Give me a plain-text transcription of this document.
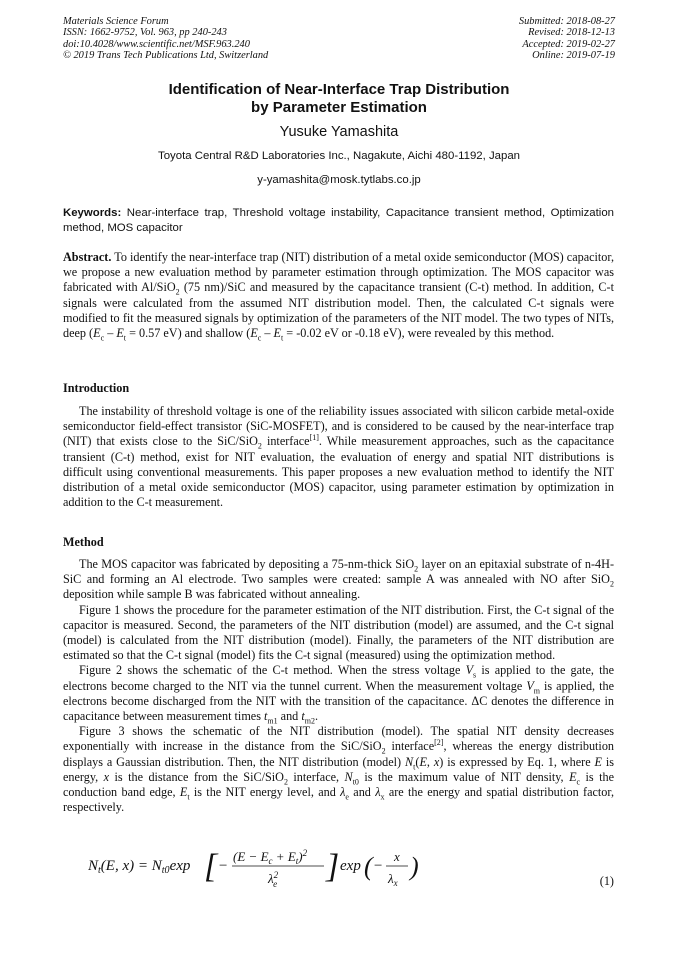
Materials Science Forum
ISSN: 1662-9752, Vol. 963, pp 240-243
doi:10.4028/www.scientific.net/MSF.963.240
© 2019 Trans Tech Publications Ltd, Switzerland
Submitted: 2018-08-27
Revised: 2018-12-13
Accepted: 2019-02-27
Online: 2019-07-19
Identification of Near-Interface Trap Distribution
by Parameter Estimation
Yusuke Yamashita
Toyota Central R&D Laboratories Inc., Nagakute, Aichi 480-1192, Japan
y-yamashita@mosk.tytlabs.co.jp
Keywords: Near-interface trap, Threshold voltage instability, Capacitance transient method, Optimization method, MOS capacitor

Abstract. To identify the near-interface trap (NIT) distribution of a metal oxide semiconductor (MOS) capacitor, we propose a new evaluation method by parameter estimation through optimization. The MOS capacitor was fabricated with Al/SiO$_2$ (75 nm)/SiC and measured by the capacitance transient (C-t) method. In addition, C-t signals were calculated from the assumed NIT distribution model. Then, the calculated C-t signals were modified to fit the measured signals by optimization of the parameters of the NIT model. The two types of NITs, deep ($E_c - E_t = 0.57$ eV) and shallow ($E_c - E_t = -0.02$ eV or -0.18 eV), were revealed by this method.

Introduction

The instability of threshold voltage is one of the reliability issues associated with silicon carbide metal-oxide semiconductor field-effect transistor (SiC-MOSFET), and is considered to be caused by the near-interface trap (NIT) that exists close to the SiC/SiO$_2$ interface[1]. While measurement approaches, such as the capacitance transient (C-t) method, exist for NIT evaluation, the evaluation of energy and spatial NIT distributions is difficult using conventional measurements. This paper proposes a new evaluation method to identify the NIT distribution of a metal oxide semiconductor (MOS) capacitor, using parameter estimation by optimization in addition to the C-t measurement.

Method

The MOS capacitor was fabricated by depositing a 75-nm-thick SiO$_2$ layer on an epitaxial substrate of n-4H-SiC and forming an Al electrode. Two samples were created: sample A was annealed with NO after SiO$_2$ deposition while sample B was fabricated without annealing.

Figure 1 shows the procedure for the parameter estimation of the NIT distribution. First, the C-t signal of the capacitor is measured. Second, the parameters of the NIT distribution (model) are assumed, and the C-t signal (model) is calculated from the NIT distribution (model). Finally, the parameters of the NIT distribution are estimated so that the C-t signal (model) fits the C-t signal (measured) using the optimization method.

Figure 2 shows the schematic of the C-t method. When the stress voltage $V_s$ is applied to the gate, the electrons become charged to the NIT via the tunnel current. When the measurement voltage $V_m$ is applied, the electrons become discharged from the NIT with the transition of the capacitance. ΔC denotes the difference in capacitance between measurement times $t_{m1}$ and $t_{m2}$.

Figure 3 shows the schematic of the NIT distribution (model). The spatial NIT density decreases exponentially with increase in the distance from the SiC/SiO$_2$ interface[2], whereas the energy distribution displays a Gaussian distribution. Then, the NIT distribution (model) $N_t(E$, x) is expressed by Eq. 1, where E is energy, x is the distance from the SiC/SiO$_2$ interface, $N_{t0}$ is the maximum value of NIT density, $E_c$ is the conduction band edge, $E_t$ is the NIT energy level, and $\lambda_e$ and $\lambda_x$ are the energy and spatial distribution factor, respectively.

$N_t(E$, $x) = N_{t0}\exp$ [ −
$(E - E_c + E_t)^2$
$\lambda^2$ e ] exp ( −
x
$\lambda_x$
)	(1)
